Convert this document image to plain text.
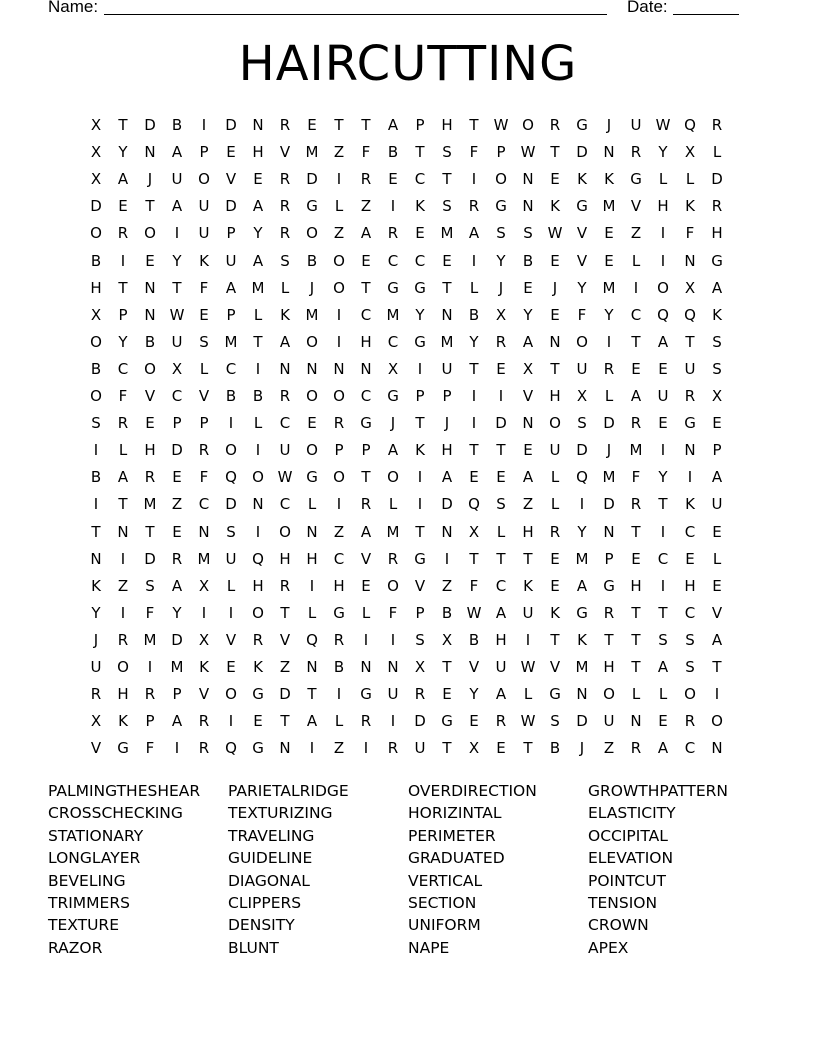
Name:	Date:
HAIRCUTTING
X	T	D	B	I	D N	R	E	T	T	A	P	H	T	W O	R	G	J	U W Q	R
X	Y	N	A	P	E	H	V	M	Z	F	B	T	S	F	P	W T	D N	R	Y	X	L
X	A	J	U	O	V	E	R	D	I	R	E	C	T	I	O N	E	K	K	G	L	L	D
D	E	T	A	U	D	A	R	G	L	Z	I	K	S	R	G N	K	G M	V	H	K	R
O	R	O	I	U	P	Y	R	O	Z	A	R	E	M	A	S	S W V	E	Z	I	F	H
B	I	E	Y	K	U	A	S	B	O	E	C	C	E	I	Y	B	E	V	E	L	I	N G
H	T	N	T	F	A	M	L	J	O	T	G G	T	L	J	E	J	Y	M	I	O	X	A
X	P	N W E	P	L	K	M	I	C	M	Y	N	B	X	Y	E	F	Y	C	Q Q	K
O	Y	B	U	S	M	T	A	O	I	H	C	G M	Y	R	A	N O	I	T	A	T	S
B	C	O	X	L	C	I	N N N N	X	I	U	T	E	X	T	U	R	E	E	U	S
O	F	V	C	V	B	B	R	O O	C	G	P	P	I	I	V	H	X	L	A	U	R	X
S	R	E	P	P	I	L	C	E	R	G	J	T	J	I	D N O	S	D	R	E	G	E
I	L	H D	R	O	I	U	O	P	P	A	K	H	T	T	E	U	D	J	M	I	N	P
B	A	R	E	F	Q O W G O	T	O	I	A	E	E	A	L	Q M	F	Y	I	A
I	T	M	Z	C	D N	C	L	I	R	L	I	D Q	S	Z	L	I	D	R	T	K	U
T	N	T	E	N	S	I	O N	Z	A	M	T	N	X	L	H	R	Y	N	T	I	C	E
N	I	D	R	M	U	Q H H	C	V	R	G	I	T	T	T	E	M	P	E	C	E	L
K	Z	S	A	X	L	H	R	I	H	E	O	V	Z	F	C	K	E	A	G H	I	H	E
Y	I	F	Y	I	I	O	T	L	G	L	F	P	B W A	U	K	G	R	T	T	C	V
J	R	M D	X	V	R	V	Q	R	I	I	S	X	B	H	I	T	K	T	T	S	S	A
U	O	I	M	K	E	K	Z	N	B	N N	X	T	V	U W V	M H	T	A	S	T
R	H	R	P	V	O G D	T	I	G	U	R	E	Y	A	L	G N O	L	L	O	I
X	K	P	A	R	I	E	T	A	L	R	I	D G	E	R W S	D	U	N	E	R	O
V	G	F	I	R	Q G N	I	Z	I	R	U	T	X	E	T	B	J	Z	R	A	C	N
PALMINGTHESHEAR
CROSSCHECKING
STATIONARY
LONGLAYER
BEVELING
TRIMMERS
TEXTURE
RAZOR
PARIETALRIDGE
TEXTURIZING
TRAVELING
GUIDELINE
DIAGONAL
CLIPPERS
DENSITY
BLUNT
OVERDIRECTION
HORIZINTAL
PERIMETER
GRADUATED
VERTICAL
SECTION
UNIFORM
NAPE
GROWTHPATTERN
ELASTICITY
OCCIPITAL
ELEVATION
POINTCUT
TENSION
CROWN
APEX
